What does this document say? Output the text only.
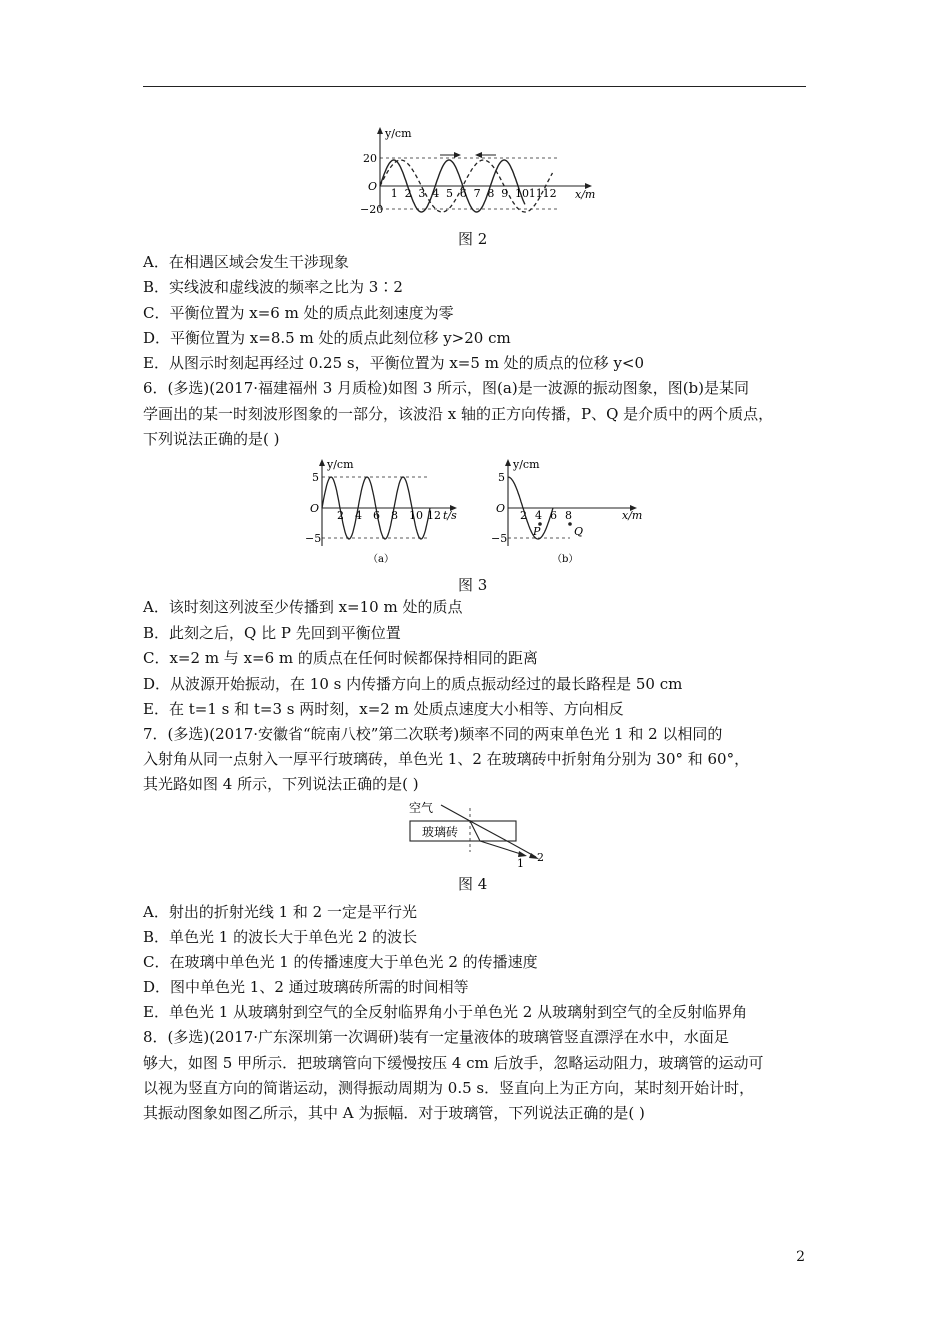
y/cm
x/m
O
20
−20
1 2 3 4 5 6 7 8 9 10 11 12
图 2
A．在相遇区域会发生干涉现象
B．实线波和虚线波的频率之比为 3∶2
C．平衡位置为 x=6 m 处的质点此刻速度为零
D．平衡位置为 x=8.5 m 处的质点此刻位移 y>20 cm
E．从图示时刻起再经过 0.25 s，平衡位置为 x=5 m 处的质点的位移 y<0
6．(多选)(2017·福建福州 3 月质检)如图 3 所示，图(a)是一波源的振动图象，图(b)是某同
学画出的某一时刻波形图象的一部分，该波沿 x 轴的正方向传播，P、Q 是介质中的两个质点，
下列说法正确的是( )
y/cm
t/s
O
5
−5
2 4 6 8 10 12
（a）
y/cm
x/m
O
5
−5
2 4 6 8
P	Q
（b）
图 3
A．该时刻这列波至少传播到 x=10 m 处的质点
B．此刻之后，Q 比 P 先回到平衡位置
C．x=2 m 与 x=6 m 的质点在任何时候都保持相同的距离
D．从波源开始振动，在 10 s 内传播方向上的质点振动经过的最长路程是 50 cm
E．在 t=1 s 和 t=3 s 两时刻，x=2 m 处质点速度大小相等、方向相反
7．(多选)(2017·安徽省“皖南八校”第二次联考)频率不同的两束单色光 1 和 2 以相同的
入射角从同一点射入一厚平行玻璃砖，单色光 1、2 在玻璃砖中折射角分别为 30° 和 60°，
其光路如图 4 所示，下列说法正确的是( )
空气
玻璃砖
1 2
图 4
A．射出的折射光线 1 和 2 一定是平行光
B．单色光 1 的波长大于单色光 2 的波长
C．在玻璃中单色光 1 的传播速度大于单色光 2 的传播速度
D．图中单色光 1、2 通过玻璃砖所需的时间相等
E．单色光 1 从玻璃射到空气的全反射临界角小于单色光 2 从玻璃射到空气的全反射临界角
8．(多选)(2017·广东深圳第一次调研)装有一定量液体的玻璃管竖直漂浮在水中，水面足
够大，如图 5 甲所示．把玻璃管向下缓慢按压 4 cm 后放手，忽略运动阻力，玻璃管的运动可
以视为竖直方向的简谐运动，测得振动周期为 0.5 s．竖直向上为正方向，某时刻开始计时，
其振动图象如图乙所示，其中 A 为振幅．对于玻璃管，下列说法正确的是( )
2
